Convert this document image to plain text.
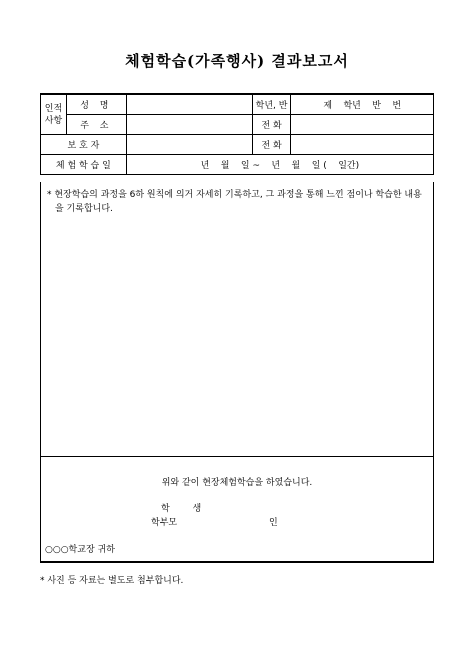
체험학습(가족행사) 결과보고서
인적
사항	성 명		학년, 반	제    학년    반    번
	주 소		전 화	
보 호 자			전 화	
체 험 학 습 일		년    월    일 ~    년    월    일 (    일간)		
* 현장학습의 과정을 6하 원칙에 의거 자세히 기록하고, 그 과정을 통해 느낀 점이나 학습한 내용을 기록합니다.
위와 같이 현장체험학습을 하였습니다.
학 생
학부모	인
○○○학교장 귀하
* 사진 등 자료는 별도로 첨부합니다.
